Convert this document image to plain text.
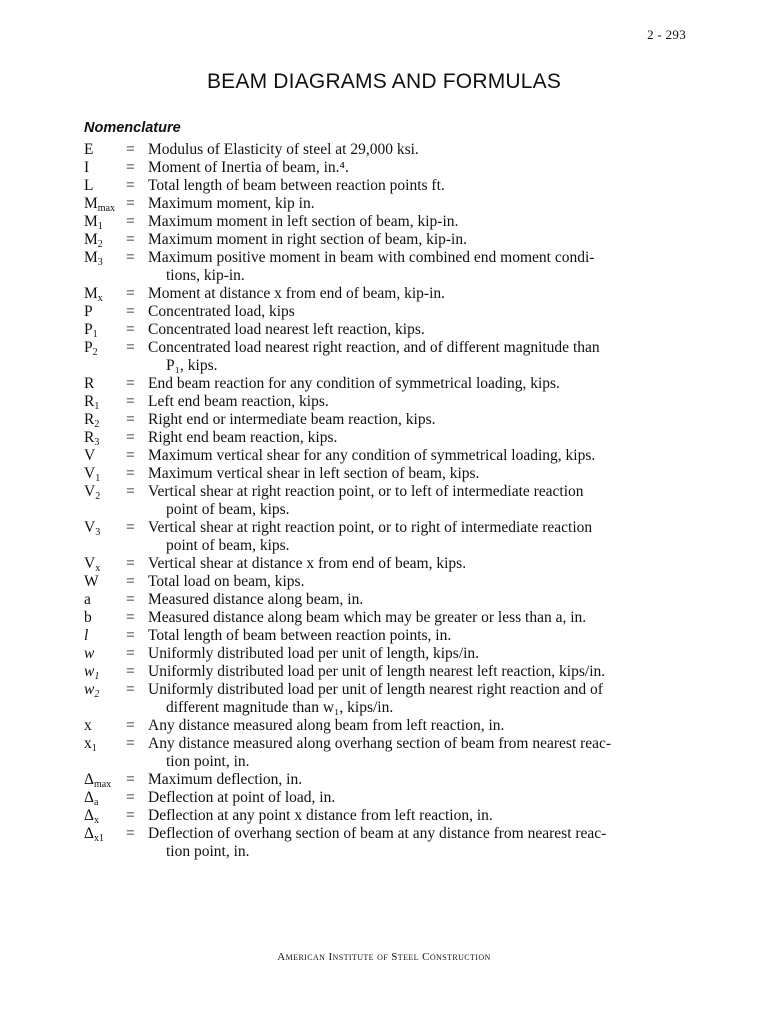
2 - 293
BEAM DIAGRAMS AND FORMULAS
Nomenclature
E	= Modulus of Elasticity of steel at 29,000 ksi.
I	= Moment of Inertia of beam, in.⁴.
L	= Total length of beam between reaction points ft.
$M_{max}$ = Maximum moment, kip in.
$M_1$	= Maximum moment in left section of beam, kip-in.
$M_2$	= Maximum moment in right section of beam, kip-in.
$M_3$	= Maximum positive moment in beam with combined end moment condi-
tions, kip-in.
$M_x$	= Moment at distance x from end of beam, kip-in.
P	= Concentrated load, kips
$P_1$	= Concentrated load nearest left reaction, kips.
$P_2$	= Concentrated load nearest right reaction, and of different magnitude than
P₁, kips.
R	= End beam reaction for any condition of symmetrical loading, kips.
$R_1$	= Left end beam reaction, kips.
$R_2$	= Right end or intermediate beam reaction, kips.
$R_3$	= Right end beam reaction, kips.
V	= Maximum vertical shear for any condition of symmetrical loading, kips.
$V_1$	= Maximum vertical shear in left section of beam, kips.
$V_2$	= Vertical shear at right reaction point, or to left of intermediate reaction
point of beam, kips.
$V_3$	= Vertical shear at right reaction point, or to right of intermediate reaction
point of beam, kips.
$V_x$	= Vertical shear at distance x from end of beam, kips.
W	= Total load on beam, kips.
a	= Measured distance along beam, in.
b	= Measured distance along beam which may be greater or less than a, in.
l	= Total length of beam between reaction points, in.
w	= Uniformly distributed load per unit of length, kips/in.
$w_1$	= Uniformly distributed load per unit of length nearest left reaction, kips/in.
$w_2$	= Uniformly distributed load per unit of length nearest right reaction and of
different magnitude than w₁, kips/in.
x	= Any distance measured along beam from left reaction, in.
$x_1$	= Any distance measured along overhang section of beam from nearest reac-
tion point, in.
$\Delta_{max}$ = Maximum deflection, in.
$\Delta_a$	= Deflection at point of load, in.
$\Delta_x$	= Deflection at any point x distance from left reaction, in.
$\Delta_{x1}$	= Deflection of overhang section of beam at any distance from nearest reac-
tion point, in.
American Institute of Steel Construction
